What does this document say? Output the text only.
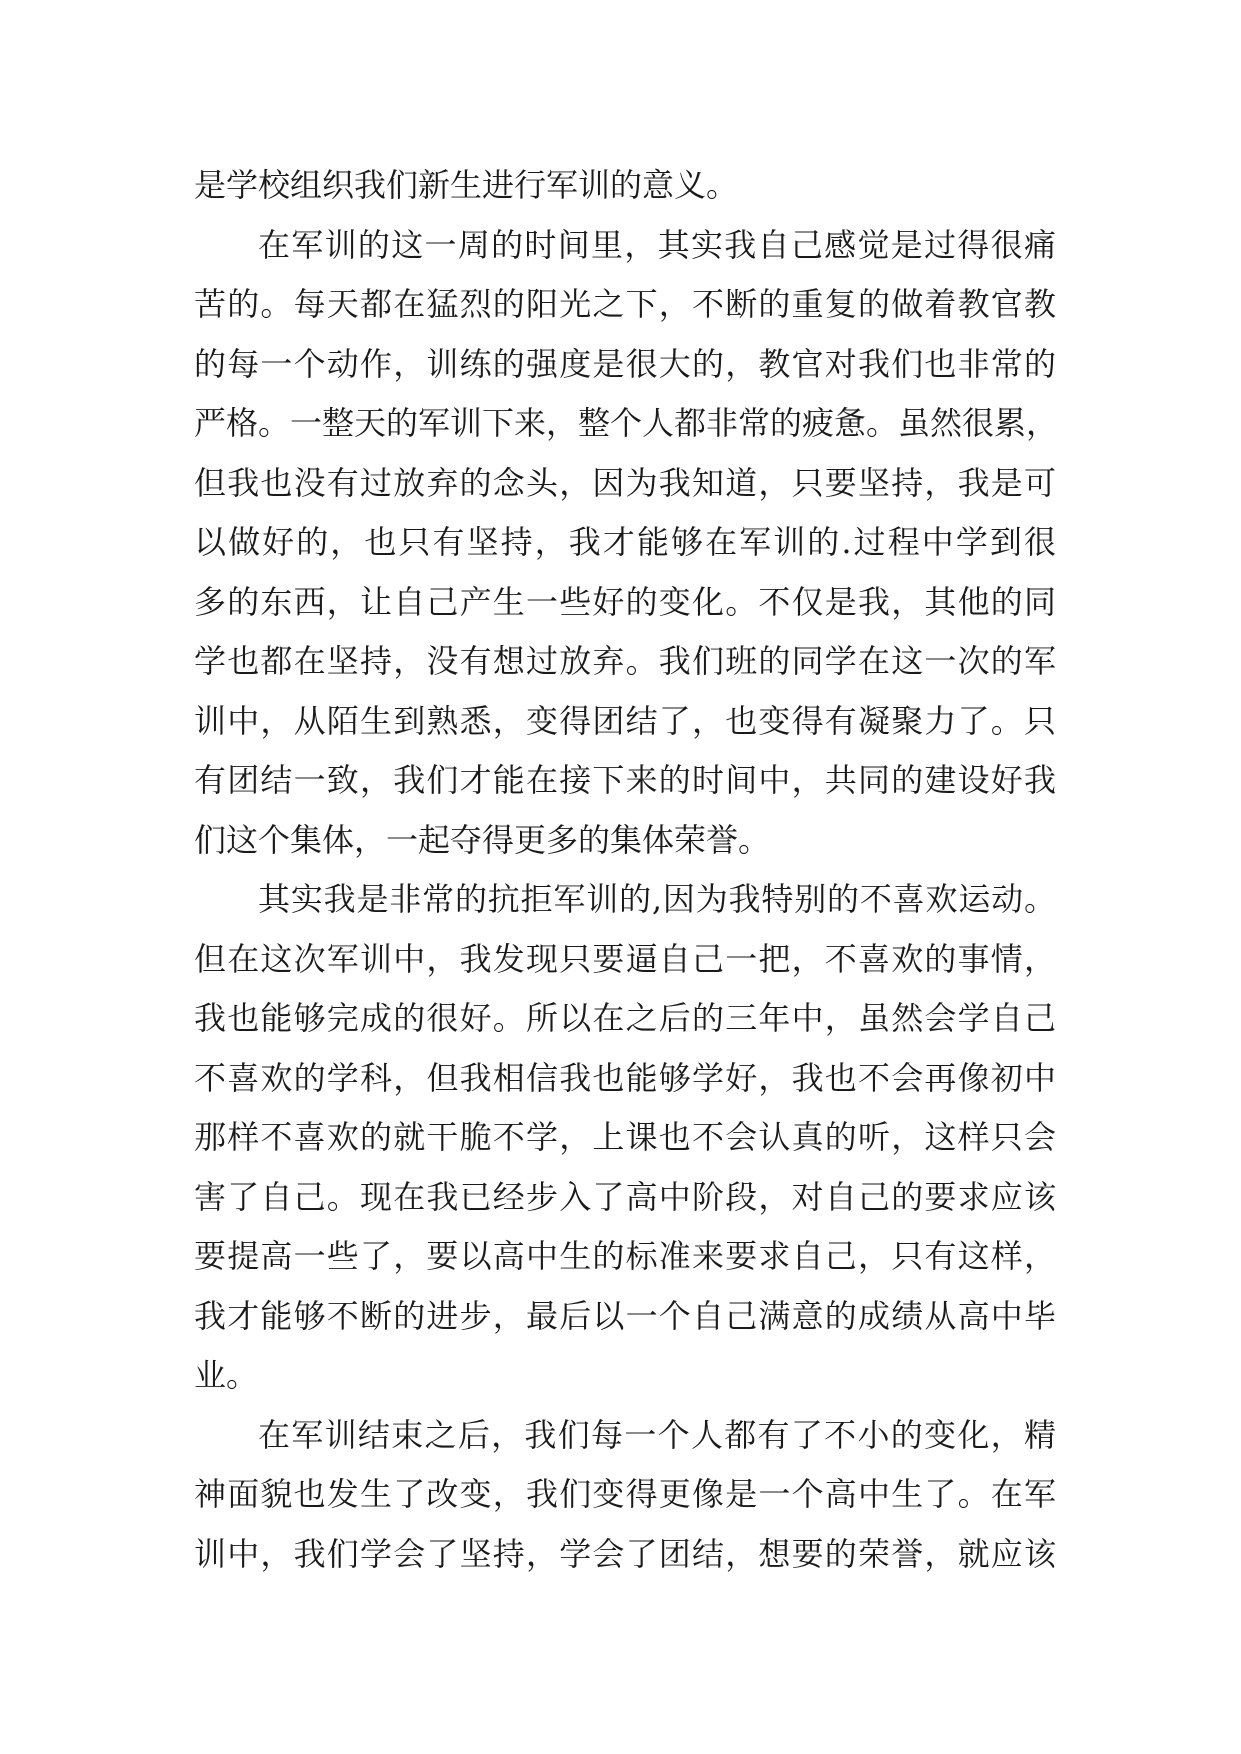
是学校组织我们新生进行军训的意义。
在军训的这一周的时间里，其实我自己感觉是过得很痛
苦的。每天都在猛烈的阳光之下，不断的重复的做着教官教
的每一个动作，训练的强度是很大的，教官对我们也非常的
严格。一整天的军训下来，整个人都非常的疲惫。虽然很累，
但我也没有过放弃的念头，因为我知道，只要坚持，我是可
以做好的，也只有坚持，我才能够在军训的.过程中学到很
多的东西，让自己产生一些好的变化。不仅是我，其他的同
学也都在坚持，没有想过放弃。我们班的同学在这一次的军
训中，从陌生到熟悉，变得团结了，也变得有凝聚力了。只
有团结一致，我们才能在接下来的时间中，共同的建设好我
们这个集体，一起夺得更多的集体荣誉。
其实我是非常的抗拒军训的,因为我特别的不喜欢运动。
但在这次军训中，我发现只要逼自己一把，不喜欢的事情，
我也能够完成的很好。所以在之后的三年中，虽然会学自己
不喜欢的学科，但我相信我也能够学好，我也不会再像初中
那样不喜欢的就干脆不学，上课也不会认真的听，这样只会
害了自己。现在我已经步入了高中阶段，对自己的要求应该
要提高一些了，要以高中生的标准来要求自己，只有这样，
我才能够不断的进步，最后以一个自己满意的成绩从高中毕
业。
在军训结束之后，我们每一个人都有了不小的变化，精
神面貌也发生了改变，我们变得更像是一个高中生了。在军
训中，我们学会了坚持，学会了团结，想要的荣誉，就应该
